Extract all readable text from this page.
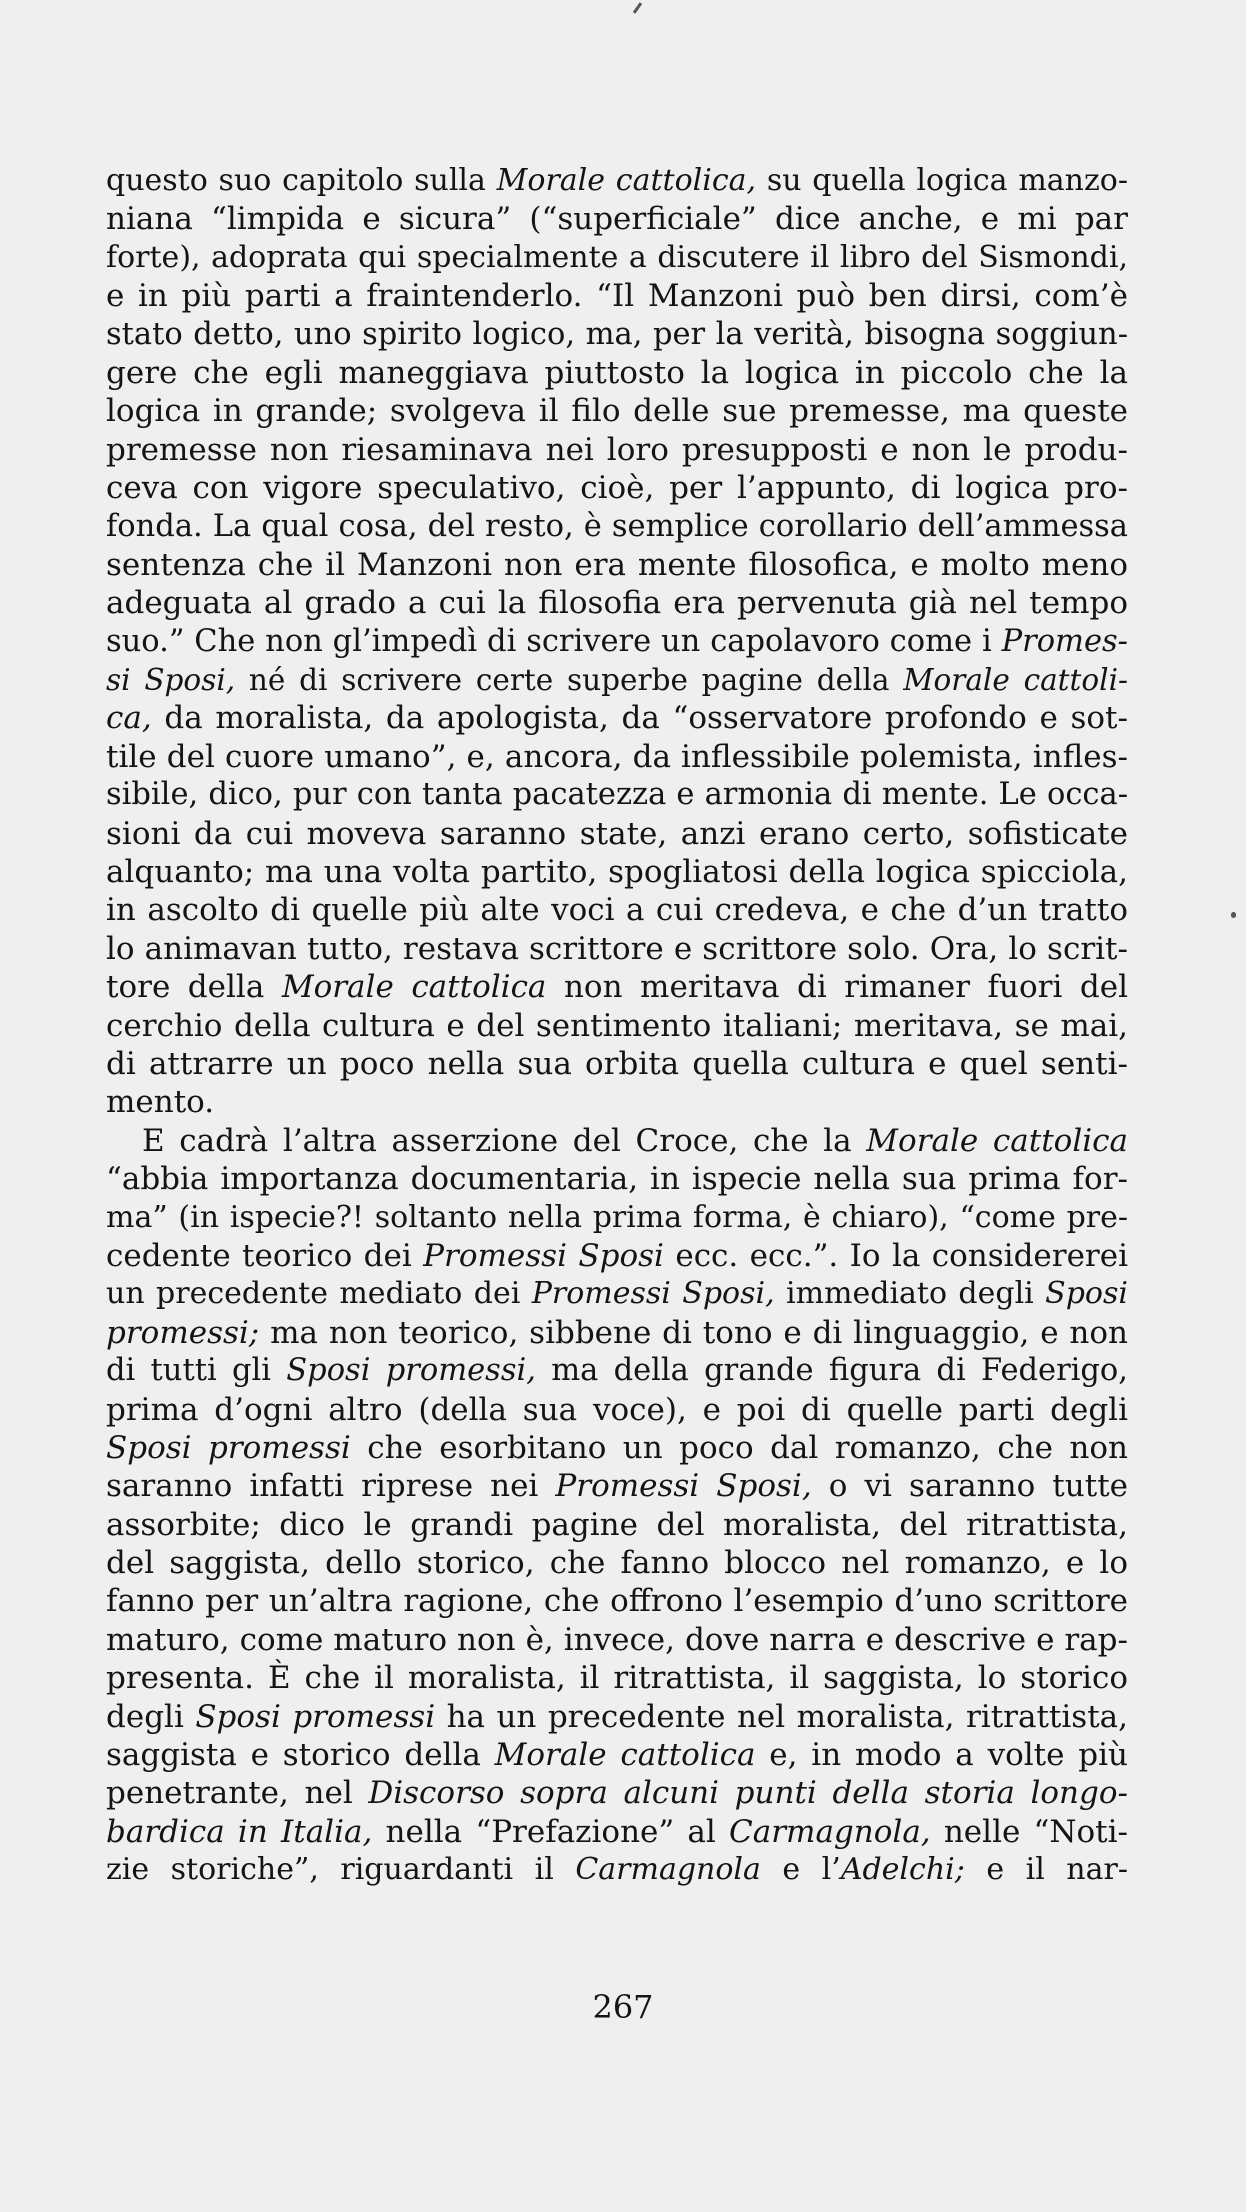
questo suo capitolo sulla Morale cattolica, su quella logica manzo-
niana “limpida e sicura” (“superficiale” dice anche, e mi par
forte), adoprata qui specialmente a discutere il libro del Sismondi,
e in più parti a fraintenderlo. “Il Manzoni può ben dirsi, com’è
stato detto, uno spirito logico, ma, per la verità, bisogna soggiun-
gere che egli maneggiava piuttosto la logica in piccolo che la
logica in grande; svolgeva il filo delle sue premesse, ma queste
premesse non riesaminava nei loro presupposti e non le produ-
ceva con vigore speculativo, cioè, per l’appunto, di logica pro-
fonda. La qual cosa, del resto, è semplice corollario dell’ammessa
sentenza che il Manzoni non era mente filosofica, e molto meno
adeguata al grado a cui la filosofia era pervenuta già nel tempo
suo.” Che non gl’impedì di scrivere un capolavoro come i Promes-
si Sposi, né di scrivere certe superbe pagine della Morale cattoli-
ca, da moralista, da apologista, da “osservatore profondo e sot-
tile del cuore umano”, e, ancora, da inflessibile polemista, infles-
sibile, dico, pur con tanta pacatezza e armonia di mente. Le occa-
sioni da cui moveva saranno state, anzi erano certo, sofisticate
alquanto; ma una volta partito, spogliatosi della logica spicciola,
in ascolto di quelle più alte voci a cui credeva, e che d’un tratto
lo animavan tutto, restava scrittore e scrittore solo. Ora, lo scrit-
tore della Morale cattolica non meritava di rimaner fuori del
cerchio della cultura e del sentimento italiani; meritava, se mai,
di attrarre un poco nella sua orbita quella cultura e quel senti-
mento.
E cadrà l’altra asserzione del Croce, che la Morale cattolica
“abbia importanza documentaria, in ispecie nella sua prima for-
ma” (in ispecie?! soltanto nella prima forma, è chiaro), “come pre-
cedente teorico dei Promessi Sposi ecc. ecc.”. Io la considererei
un precedente mediato dei Promessi Sposi, immediato degli Sposi
promessi; ma non teorico, sibbene di tono e di linguaggio, e non
di tutti gli Sposi promessi, ma della grande figura di Federigo,
prima d’ogni altro (della sua voce), e poi di quelle parti degli
Sposi promessi che esorbitano un poco dal romanzo, che non
saranno infatti riprese nei Promessi Sposi, o vi saranno tutte
assorbite; dico le grandi pagine del moralista, del ritrattista,
del saggista, dello storico, che fanno blocco nel romanzo, e lo
fanno per un’altra ragione, che offrono l’esempio d’uno scrittore
maturo, come maturo non è, invece, dove narra e descrive e rap-
presenta. È che il moralista, il ritrattista, il saggista, lo storico
degli Sposi promessi ha un precedente nel moralista, ritrattista,
saggista e storico della Morale cattolica e, in modo a volte più
penetrante, nel Discorso sopra alcuni punti della storia longo-
bardica in Italia, nella “Prefazione” al Carmagnola, nelle “Noti-
zie storiche”, riguardanti il Carmagnola e l’Adelchi; e il nar-
267
